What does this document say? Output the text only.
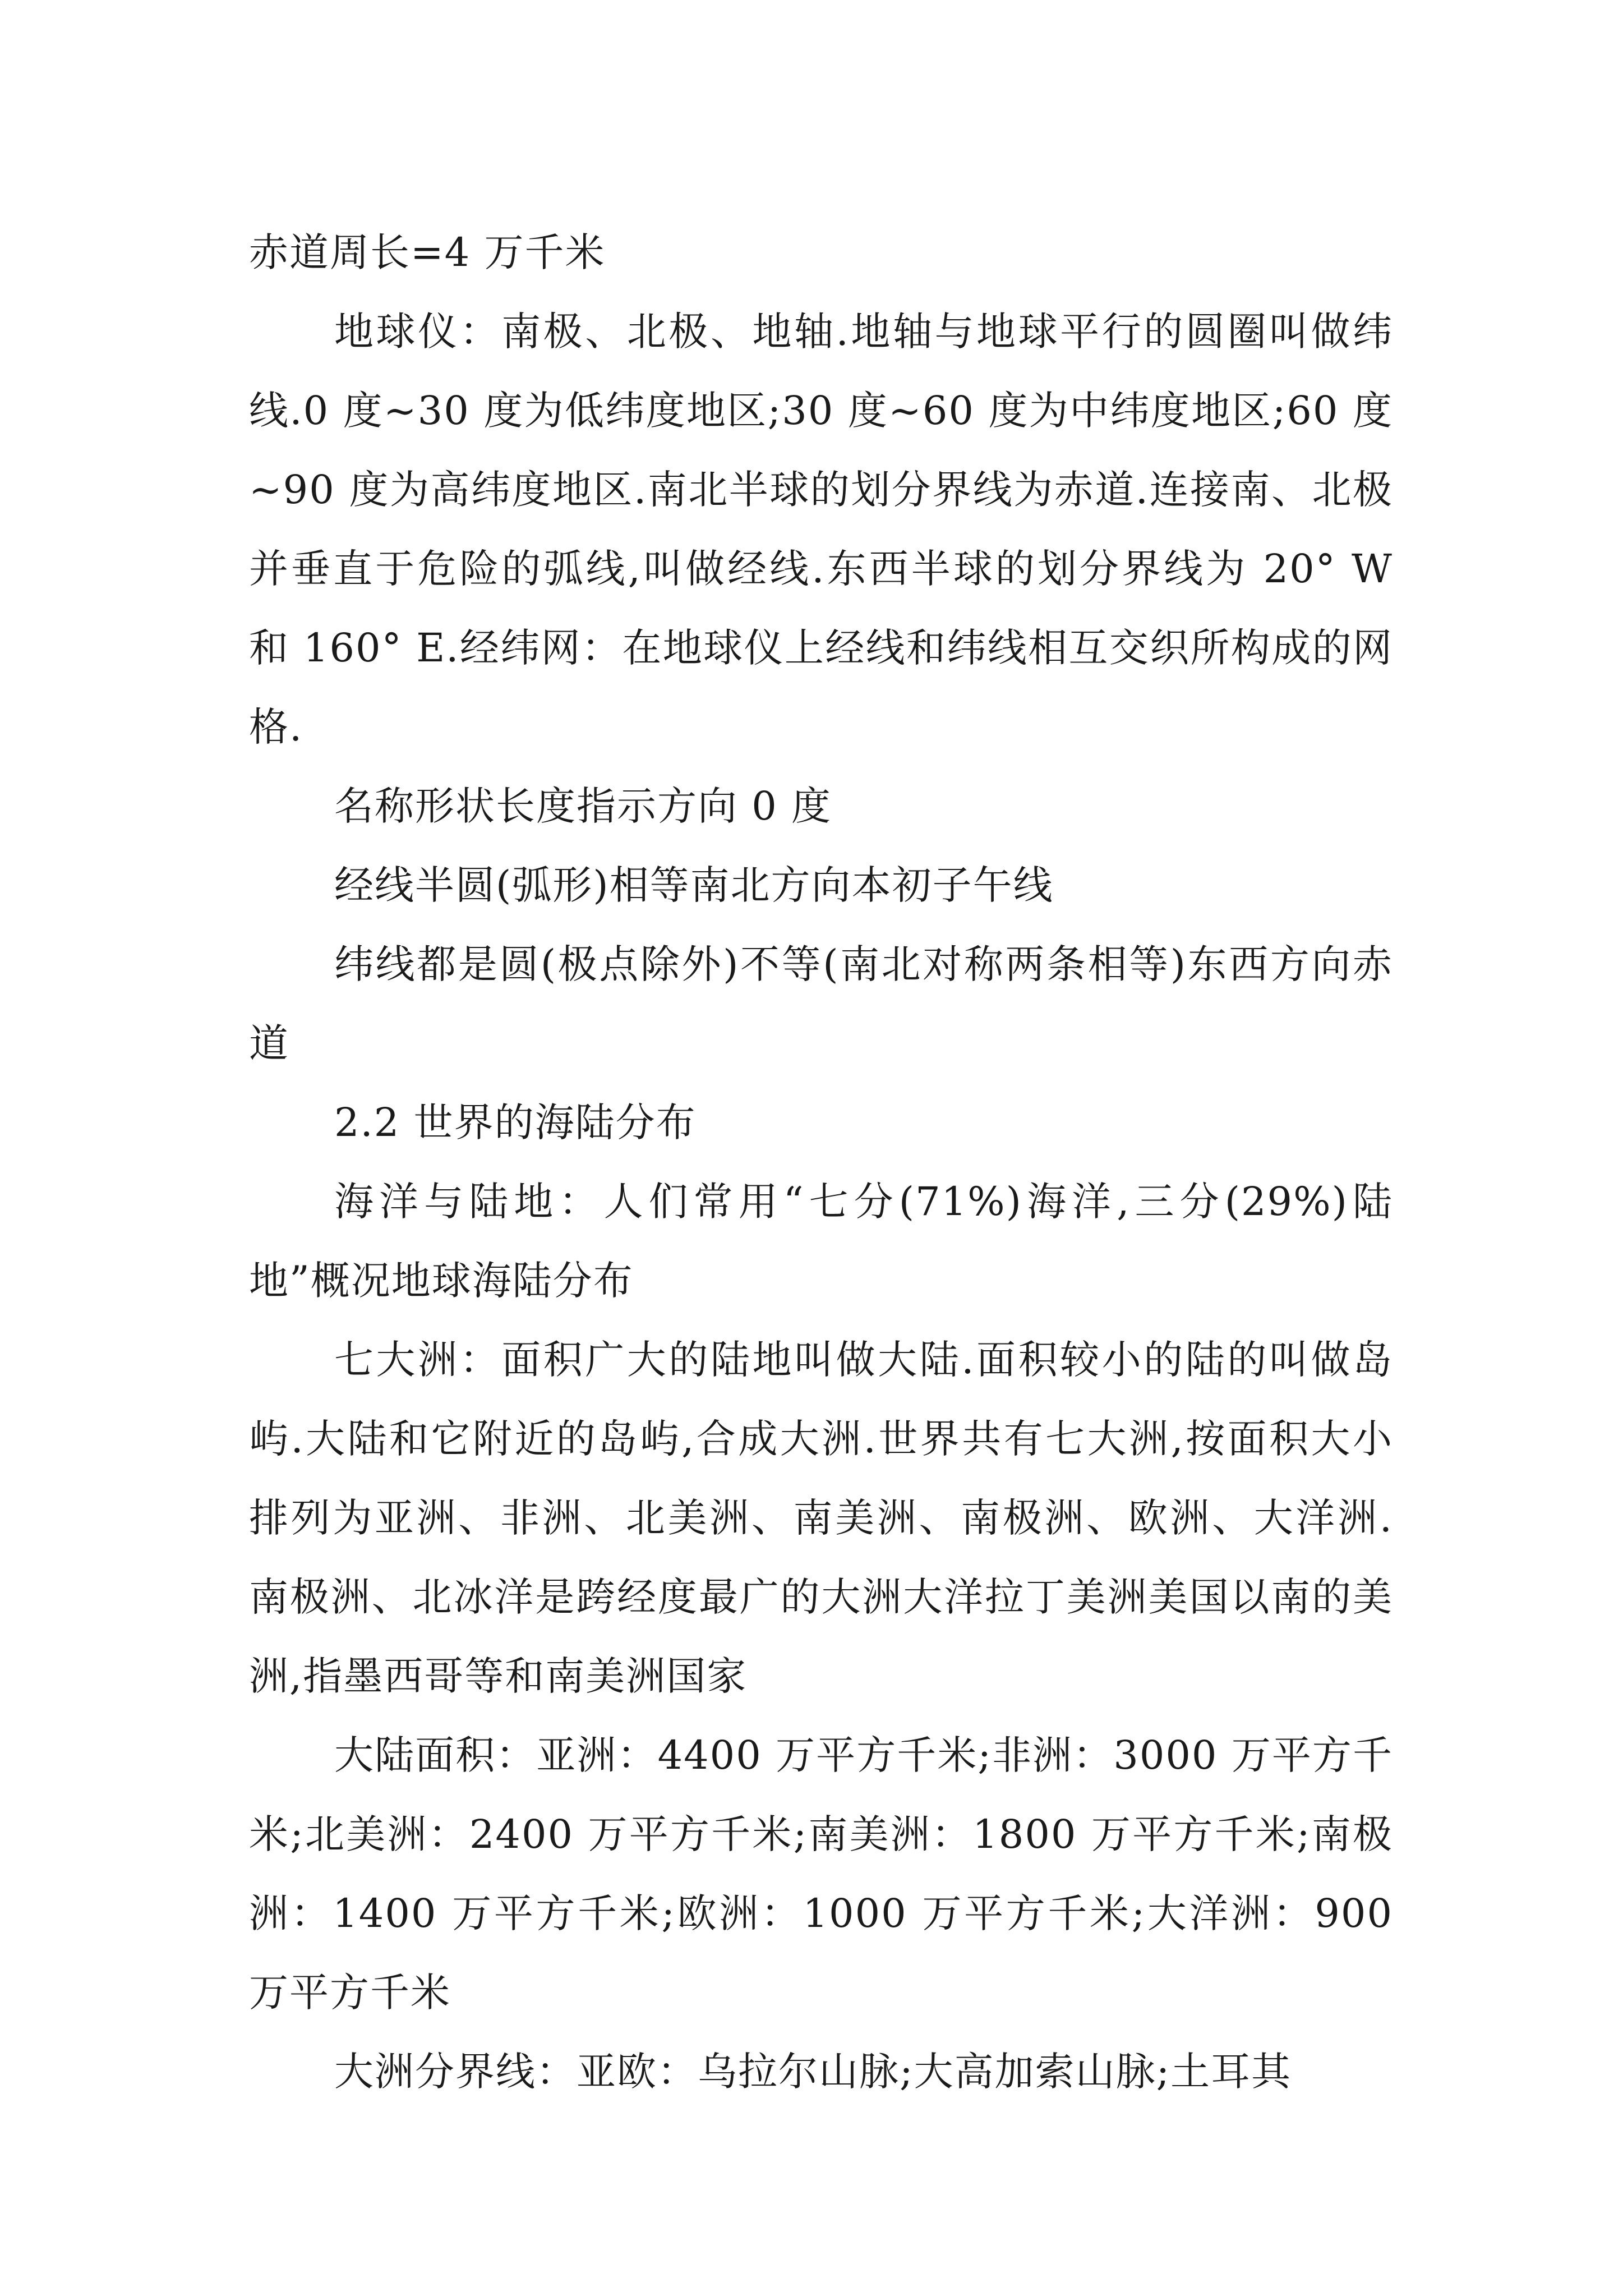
赤道周长=4 万千米

地球仪：南极、北极、地轴.地轴与地球平行的圆圈叫做纬线.0 度~30 度为低纬度地区;30 度~60 度为中纬度地区;60 度~90 度为高纬度地区.南北半球的划分界线为赤道.连接南、北极并垂直于危险的弧线,叫做经线.东西半球的划分界线为 20° W 和 160° E.经纬网：在地球仪上经线和纬线相互交织所构成的网格.

名称形状长度指示方向 0 度

经线半圆(弧形)相等南北方向本初子午线

纬线都是圆(极点除外)不等(南北对称两条相等)东西方向赤道

2.2 世界的海陆分布

海洋与陆地：人们常用“七分(71%)海洋,三分(29%)陆地”概况地球海陆分布

七大洲：面积广大的陆地叫做大陆.面积较小的陆的叫做岛屿.大陆和它附近的岛屿,合成大洲.世界共有七大洲,按面积大小排列为亚洲、非洲、北美洲、南美洲、南极洲、欧洲、大洋洲.南极洲、北冰洋是跨经度最广的大洲大洋拉丁美洲美国以南的美洲,指墨西哥等和南美洲国家

大陆面积：亚洲：4400 万平方千米;非洲：3000 万平方千米;北美洲：2400 万平方千米;南美洲：1800 万平方千米;南极洲：1400 万平方千米;欧洲：1000 万平方千米;大洋洲：900 万平方千米

大洲分界线：亚欧：乌拉尔山脉;大高加索山脉;土耳其
